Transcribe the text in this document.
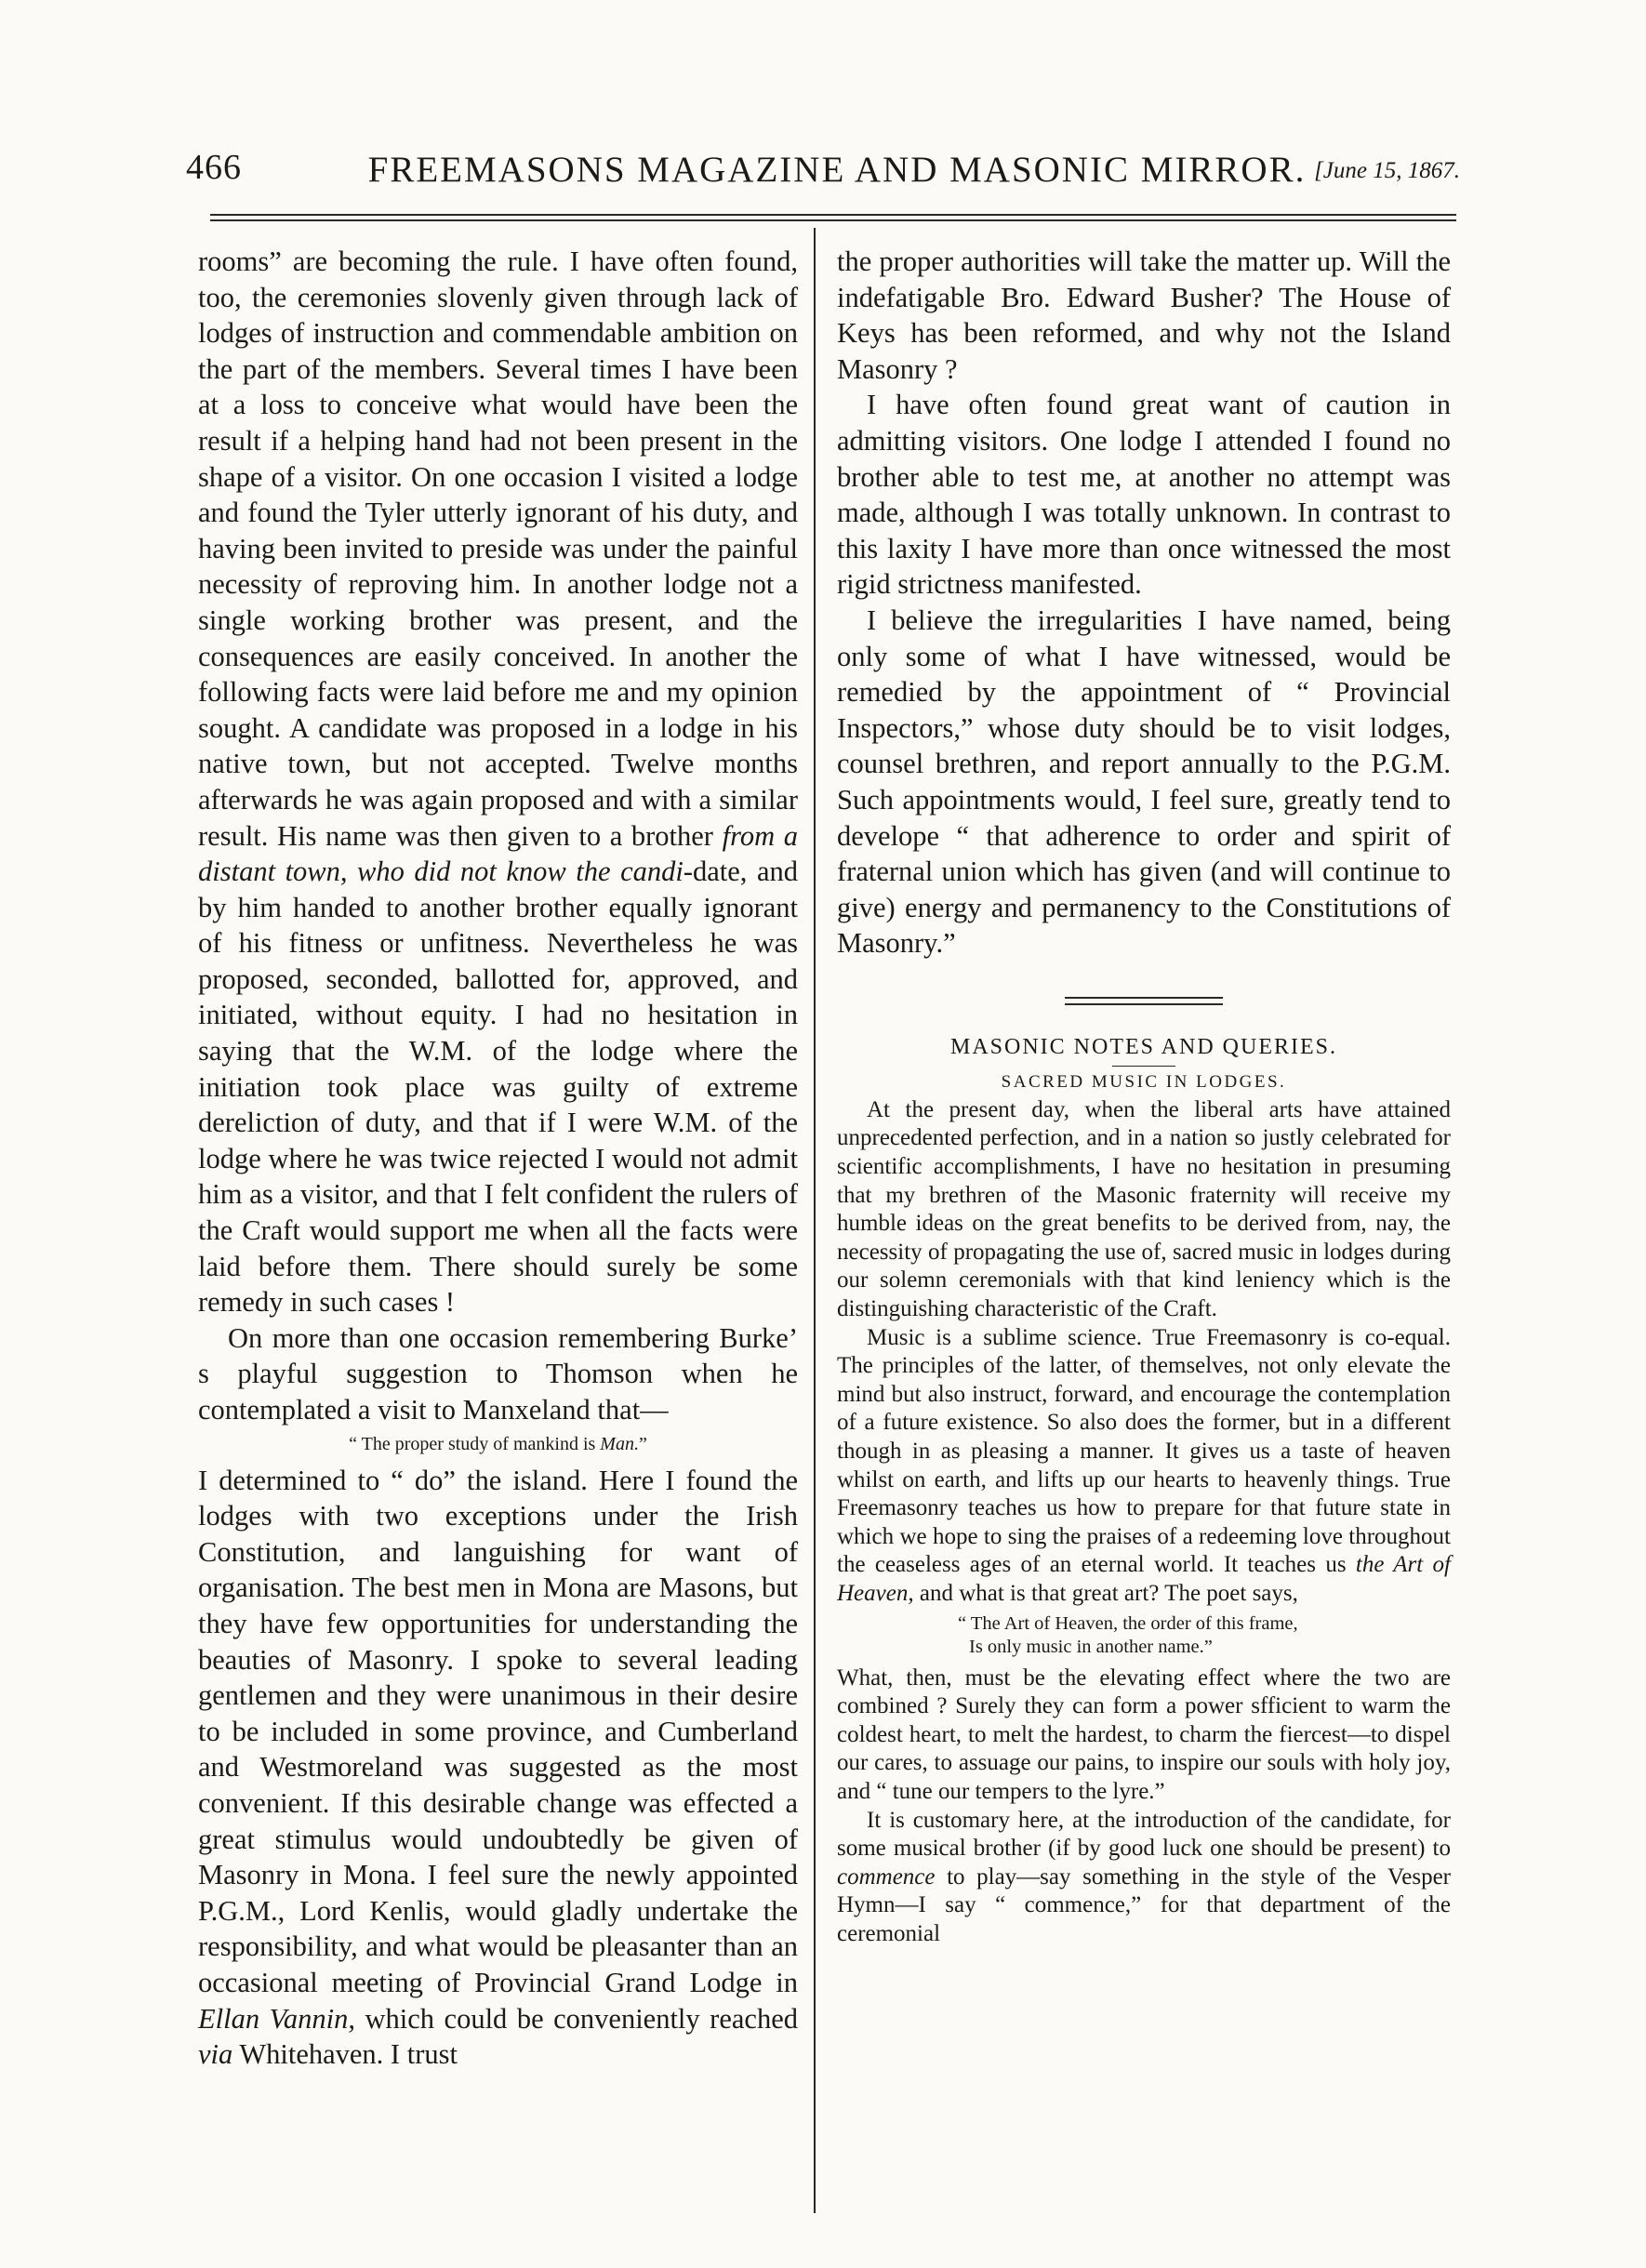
466	FREEMASONS MAGAZINE AND MASONIC MIRROR. [June 15, 1867.

rooms” are becoming the rule. I have often found, too, the ceremonies slovenly given through lack of lodges of instruction and commendable ambition on the part of the members. Several times I have been at a loss to conceive what would have been the result if a helping hand had not been present in the shape of a visitor. On one occasion I visited a lodge and found the Tyler utterly ignorant of his duty, and having been invited to preside was under the painful necessity of reproving him. In another lodge not a single working brother was present, and the consequences are easily conceived. In another the following facts were laid before me and my opinion sought. A candidate was proposed in a lodge in his native town, but not accepted. Twelve months afterwards he was again proposed and with a similar result. His name was then given to a brother from a distant town, who did not know the candi-date, and by him handed to another brother equally ignorant of his fitness or unfitness. Nevertheless he was proposed, seconded, ballotted for, approved, and initiated, without equity. I had no hesitation in saying that the W.M. of the lodge where the initiation took place was guilty of extreme dereliction of duty, and that if I were W.M. of the lodge where he was twice rejected I would not admit him as a visitor, and that I felt confident the rulers of the Craft would support me when all the facts were laid before them. There should surely be some remedy in such cases !

On more than one occasion remembering Burke’ s playful suggestion to Thomson when he contemplated a visit to Manxeland that—

“ The proper study of mankind is Man.”

I determined to “ do” the island. Here I found the lodges with two exceptions under the Irish Constitution, and languishing for want of organisation. The best men in Mona are Masons, but they have few opportunities for understanding the beauties of Masonry. I spoke to several leading gentlemen and they were unanimous in their desire to be included in some province, and Cumberland and Westmoreland was suggested as the most convenient. If this desirable change was effected a great stimulus would undoubtedly be given of Masonry in Mona. I feel sure the newly appointed P.G.M., Lord Kenlis, would gladly undertake the responsibility, and what would be pleasanter than an occasional meeting of Provincial Grand Lodge in Ellan Vannin, which could be conveniently reached via Whitehaven. I trust

the proper authorities will take the matter up. Will the indefatigable Bro. Edward Busher? The House of Keys has been reformed, and why not the Island Masonry ?

I have often found great want of caution in admitting visitors. One lodge I attended I found no brother able to test me, at another no attempt was made, although I was totally unknown. In contrast to this laxity I have more than once witnessed the most rigid strictness manifested.

I believe the irregularities I have named, being only some of what I have witnessed, would be remedied by the appointment of “ Provincial Inspectors,” whose duty should be to visit lodges, counsel brethren, and report annually to the P.G.M. Such appointments would, I feel sure, greatly tend to develope “ that adherence to order and spirit of fraternal union which has given (and will continue to give) energy and permanency to the Constitutions of Masonry.”

MASONIC NOTES AND QUERIES.
SACRED MUSIC IN LODGES.

At the present day, when the liberal arts have attained unprecedented perfection, and in a nation so justly celebrated for scientific accomplishments, I have no hesitation in presuming that my brethren of the Masonic fraternity will receive my humble ideas on the great benefits to be derived from, nay, the necessity of propagating the use of, sacred music in lodges during our solemn ceremonials with that kind leniency which is the distinguishing characteristic of the Craft.

Music is a sublime science. True Freemasonry is co-equal. The principles of the latter, of themselves, not only elevate the mind but also instruct, forward, and encourage the contemplation of a future existence. So also does the former, but in a different though in as pleasing a manner. It gives us a taste of heaven whilst on earth, and lifts up our hearts to heavenly things. True Freemasonry teaches us how to prepare for that future state in which we hope to sing the praises of a redeeming love throughout the ceaseless ages of an eternal world. It teaches us the Art of Heaven, and what is that great art? The poet says,

“ The Art of Heaven, the order of this frame,
Is only music in another name.”

What, then, must be the elevating effect where the two are combined ? Surely they can form a power sfficient to warm the coldest heart, to melt the hardest, to charm the fiercest—to dispel our cares, to assuage our pains, to inspire our souls with holy joy, and “ tune our tempers to the lyre.”

It is customary here, at the introduction of the candidate, for some musical brother (if by good luck one should be present) to commence to play—say something in the style of the Vesper Hymn—I say “ commence,” for that department of the ceremonial
